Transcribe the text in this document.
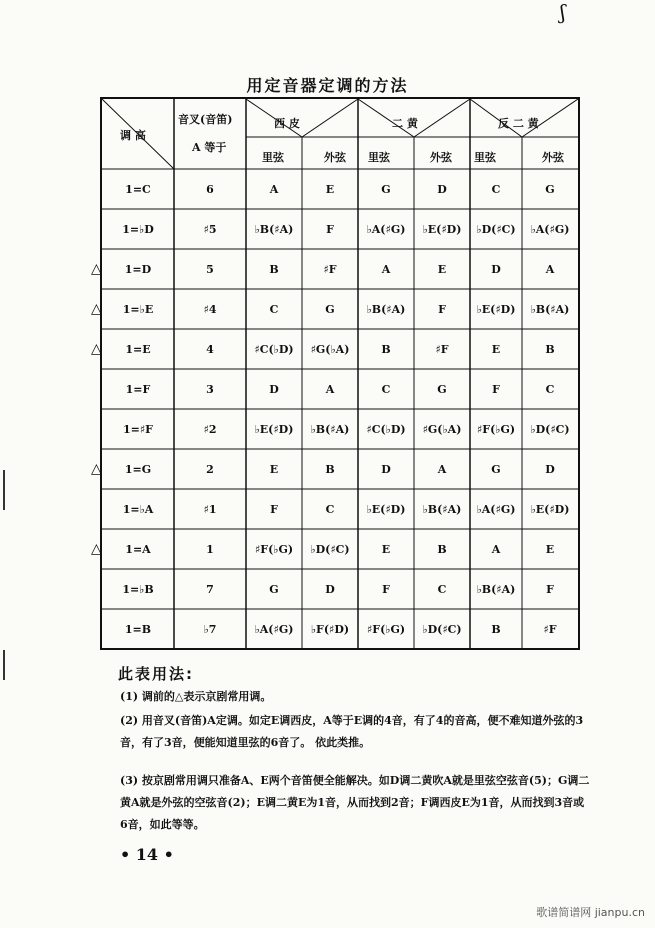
ʃ
用定音器定调的方法
调 高
音叉(音笛)
A 等于
西 皮	二 黄	反 二 黄
里弦	外弦 里弦	外弦 里弦	外弦
1=C	6	A	E	G	D	C	G
1=♭D	♯5	♭B(♯A)	F	♭A(♯G)	♭E(♯D)	♭D(♯C)	♭A(♯G)
1=D	5	B	♯F	A	E	D	A
1=♭E	♯4	C	G	♭B(♯A)	F	♭E(♯D)	♭B(♯A)
1=E	4	♯C(♭D)	♯G(♭A)	B	♯F	E	B
1=F	3	D	A	C	G	F	C
1=♯F	♯2	♭E(♯D)	♭B(♯A)	♯C(♭D)	♯G(♭A)	♯F(♭G)	♭D(♯C)
1=G	2	E	B	D	A	G	D
1=♭A	♯1	F	C	♭E(♯D)	♭B(♯A)	♭A(♯G)	♭E(♯D)
1=A	1	♯F(♭G)	♭D(♯C)	E	B	A	E
1=♭B	7	G	D	F	C	♭B(♯A)	F
1=B	♭7	♭A(♯G)	♭F(♯D)	♯F(♭G)	♭D(♯C)	B	♯F
此表用法:
(1) 调前的△表示京剧常用调。
(2) 用音叉(音笛)A定调。如定E调西皮，A等于E调的4音，有了4的音高，便不难知道外弦的3音，有了3音，便能知道里弦的6音了。 依此类推。
(3) 按京剧常用调只准备A、E两个音笛便全能解决。如D调二黄吹A就是里弦空弦音(5)；G调二黄A就是外弦的空弦音(2)；E调二黄E为1音，从而找到2音；F调西皮E为1音，从而找到3音或6音，如此等等。
• 14 •
歌谱简谱网 jianpu.cn
△
△
△
△
△
